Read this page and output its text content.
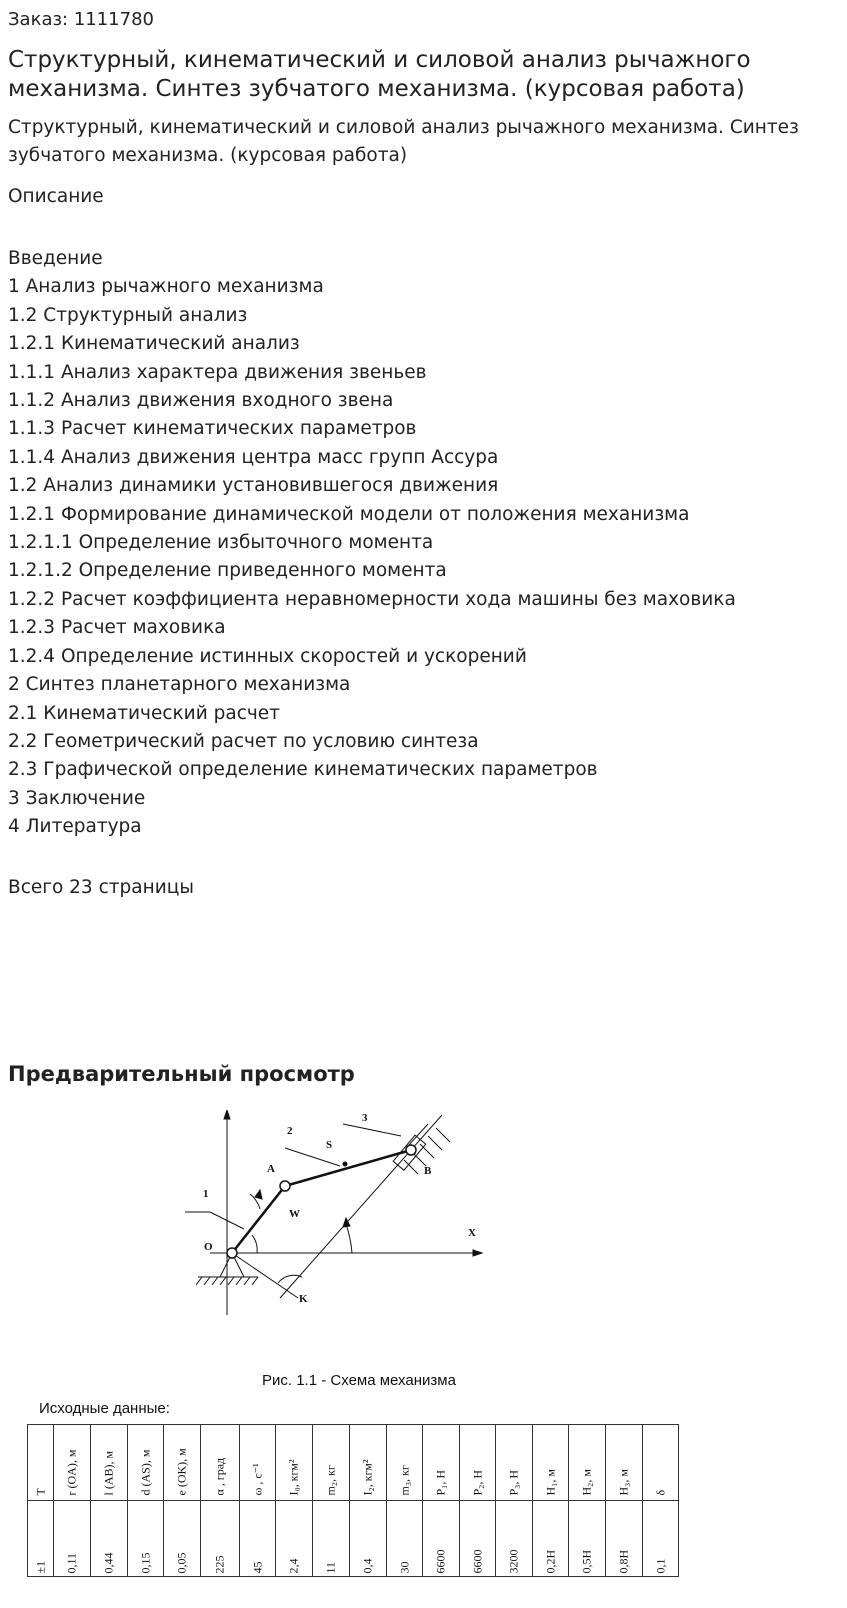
Заказ: 1111780
Структурный, кинематический и силовой анализ рычажного механизма. Синтез зубчатого механизма. (курсовая работа)
Структурный, кинематический и силовой анализ рычажного механизма. Синтез зубчатого механизма. (курсовая работа)
Описание
Введение
1 Анализ рычажного механизма
1.2 Структурный анализ
1.2.1 Кинематический анализ
1.1.1 Анализ характера движения звеньев
1.1.2 Анализ движения входного звена
1.1.3 Расчет кинематических параметров
1.1.4 Анализ движения центра масс групп Ассура
1.2 Анализ динамики установившегося движения
1.2.1 Формирование динамической модели от положения механизма
1.2.1.1 Определение избыточного момента
1.2.1.2 Определение приведенного момента
1.2.2 Расчет коэффициента неравномерности хода машины без маховика
1.2.3 Расчет маховика
1.2.4 Определение истинных скоростей и ускорений
2 Синтез планетарного механизма
2.1 Кинематический расчет
2.2 Геометрический расчет по условию синтеза
2.3 Графической определение кинематических параметров
3 Заключение
4 Литература
Всего 23 страницы
Предварительный просмотр
1
2
3
A	B
S
W
O
X
K
Рис. 1.1 - Схема механизма
Исходные данные:
T	r (OA), м	l (AB), м	d (AS), м	e (OK), м	α , град	ω , с⁻¹	I₀, кгм²	m₂, кг	I₂, кгм²	m₃, кг	P₁, Н	P₂, Н	P₃, Н	H₁, м	H₂, м	H₃, м	δ

±1	0,11	0,44	0,15	0,05	225	45	2,4	11	0,4	30	6600	6600	3200	0,2H	0,5H	0,8H	0,1
